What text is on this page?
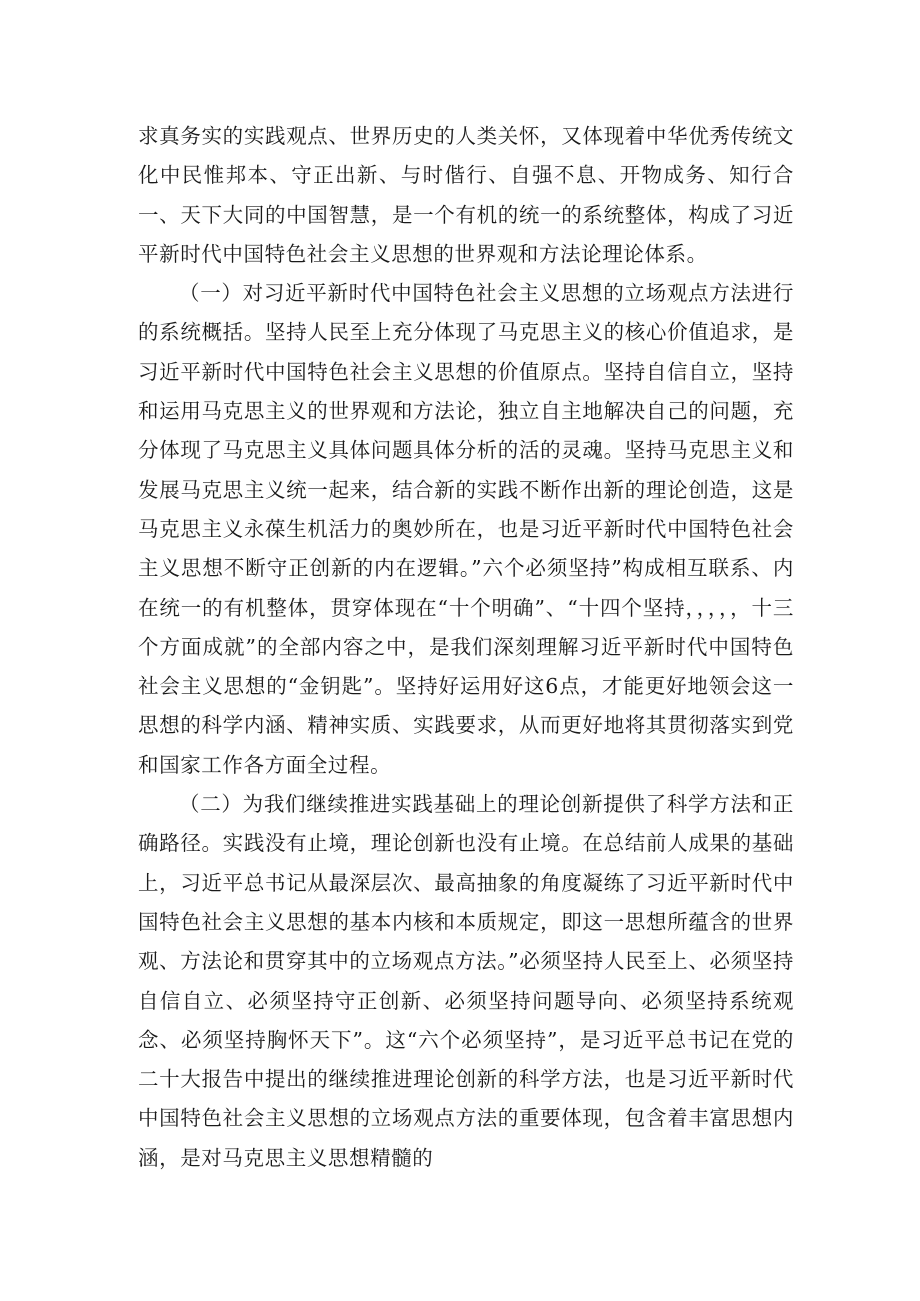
求真务实的实践观点、世界历史的人类关怀，又体现着中华优秀传统文化中民惟邦本、守正出新、与时偕行、自强不息、开物成务、知行合一、天下大同的中国智慧，是一个有机的统一的系统整体，构成了习近平新时代中国特色社会主义思想的世界观和方法论理论体系。

（一）对习近平新时代中国特色社会主义思想的立场观点方法进行的系统概括。坚持人民至上充分体现了马克思主义的核心价值追求，是习近平新时代中国特色社会主义思想的价值原点。坚持自信自立，坚持和运用马克思主义的世界观和方法论，独立自主地解决自己的问题，充分体现了马克思主义具体问题具体分析的活的灵魂。坚持马克思主义和发展马克思主义统一起来，结合新的实践不断作出新的理论创造，这是马克思主义永葆生机活力的奥妙所在，也是习近平新时代中国特色社会主义思想不断守正创新的内在逻辑。”六个必须坚持”构成相互联系、内在统一的有机整体，贯穿体现在“十个明确”、“十四个坚持，，，，，十三个方面成就”的全部内容之中，是我们深刻理解习近平新时代中国特色社会主义思想的“金钥匙”。坚持好运用好这6点，才能更好地领会这一思想的科学内涵、精神实质、实践要求，从而更好地将其贯彻落实到党和国家工作各方面全过程。

（二）为我们继续推进实践基础上的理论创新提供了科学方法和正确路径。实践没有止境，理论创新也没有止境。在总结前人成果的基础上，习近平总书记从最深层次、最高抽象的角度凝练了习近平新时代中国特色社会主义思想的基本内核和本质规定，即这一思想所蕴含的世界观、方法论和贯穿其中的立场观点方法。”必须坚持人民至上、必须坚持自信自立、必须坚持守正创新、必须坚持问题导向、必须坚持系统观念、必须坚持胸怀天下”。这“六个必须坚持”，是习近平总书记在党的二十大报告中提出的继续推进理论创新的科学方法，也是习近平新时代中国特色社会主义思想的立场观点方法的重要体现，包含着丰富思想内涵，是对马克思主义思想精髓的
